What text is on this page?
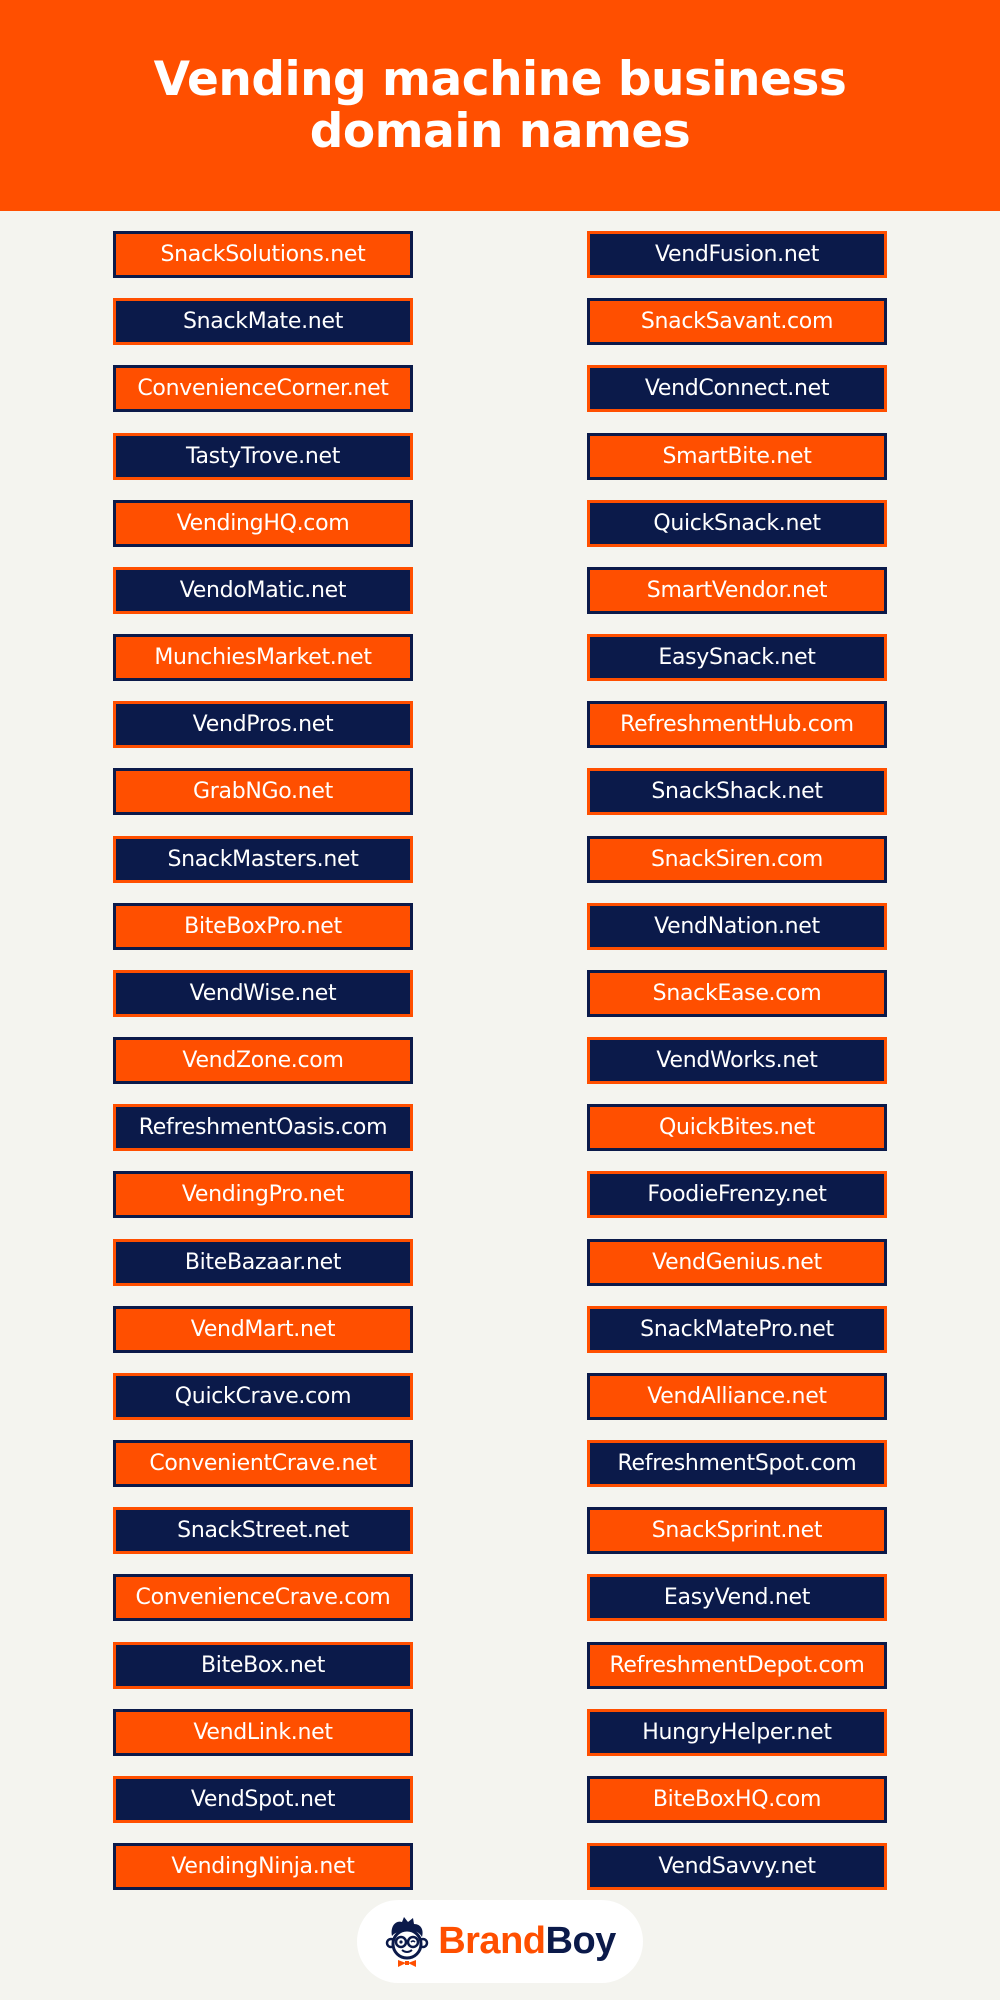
Vending machine business domain names
SnackSolutions.net
SnackMate.net
ConvenienceCorner.net
TastyTrove.net
VendingHQ.com
VendoMatic.net
MunchiesMarket.net
VendPros.net
GrabNGo.net
SnackMasters.net
BiteBoxPro.net
VendWise.net
VendZone.com
RefreshmentOasis.com
VendingPro.net
BiteBazaar.net
VendMart.net
QuickCrave.com
ConvenientCrave.net
SnackStreet.net
ConvenienceCrave.com
BiteBox.net
VendLink.net
VendSpot.net
VendingNinja.net
VendFusion.net
SnackSavant.com
VendConnect.net
SmartBite.net
QuickSnack.net
SmartVendor.net
EasySnack.net
RefreshmentHub.com
SnackShack.net
SnackSiren.com
VendNation.net
SnackEase.com
VendWorks.net
QuickBites.net
FoodieFrenzy.net
VendGenius.net
SnackMatePro.net
VendAlliance.net
RefreshmentSpot.com
SnackSprint.net
EasyVend.net
RefreshmentDepot.com
HungryHelper.net
BiteBoxHQ.com
VendSavvy.net
BrandBoy
